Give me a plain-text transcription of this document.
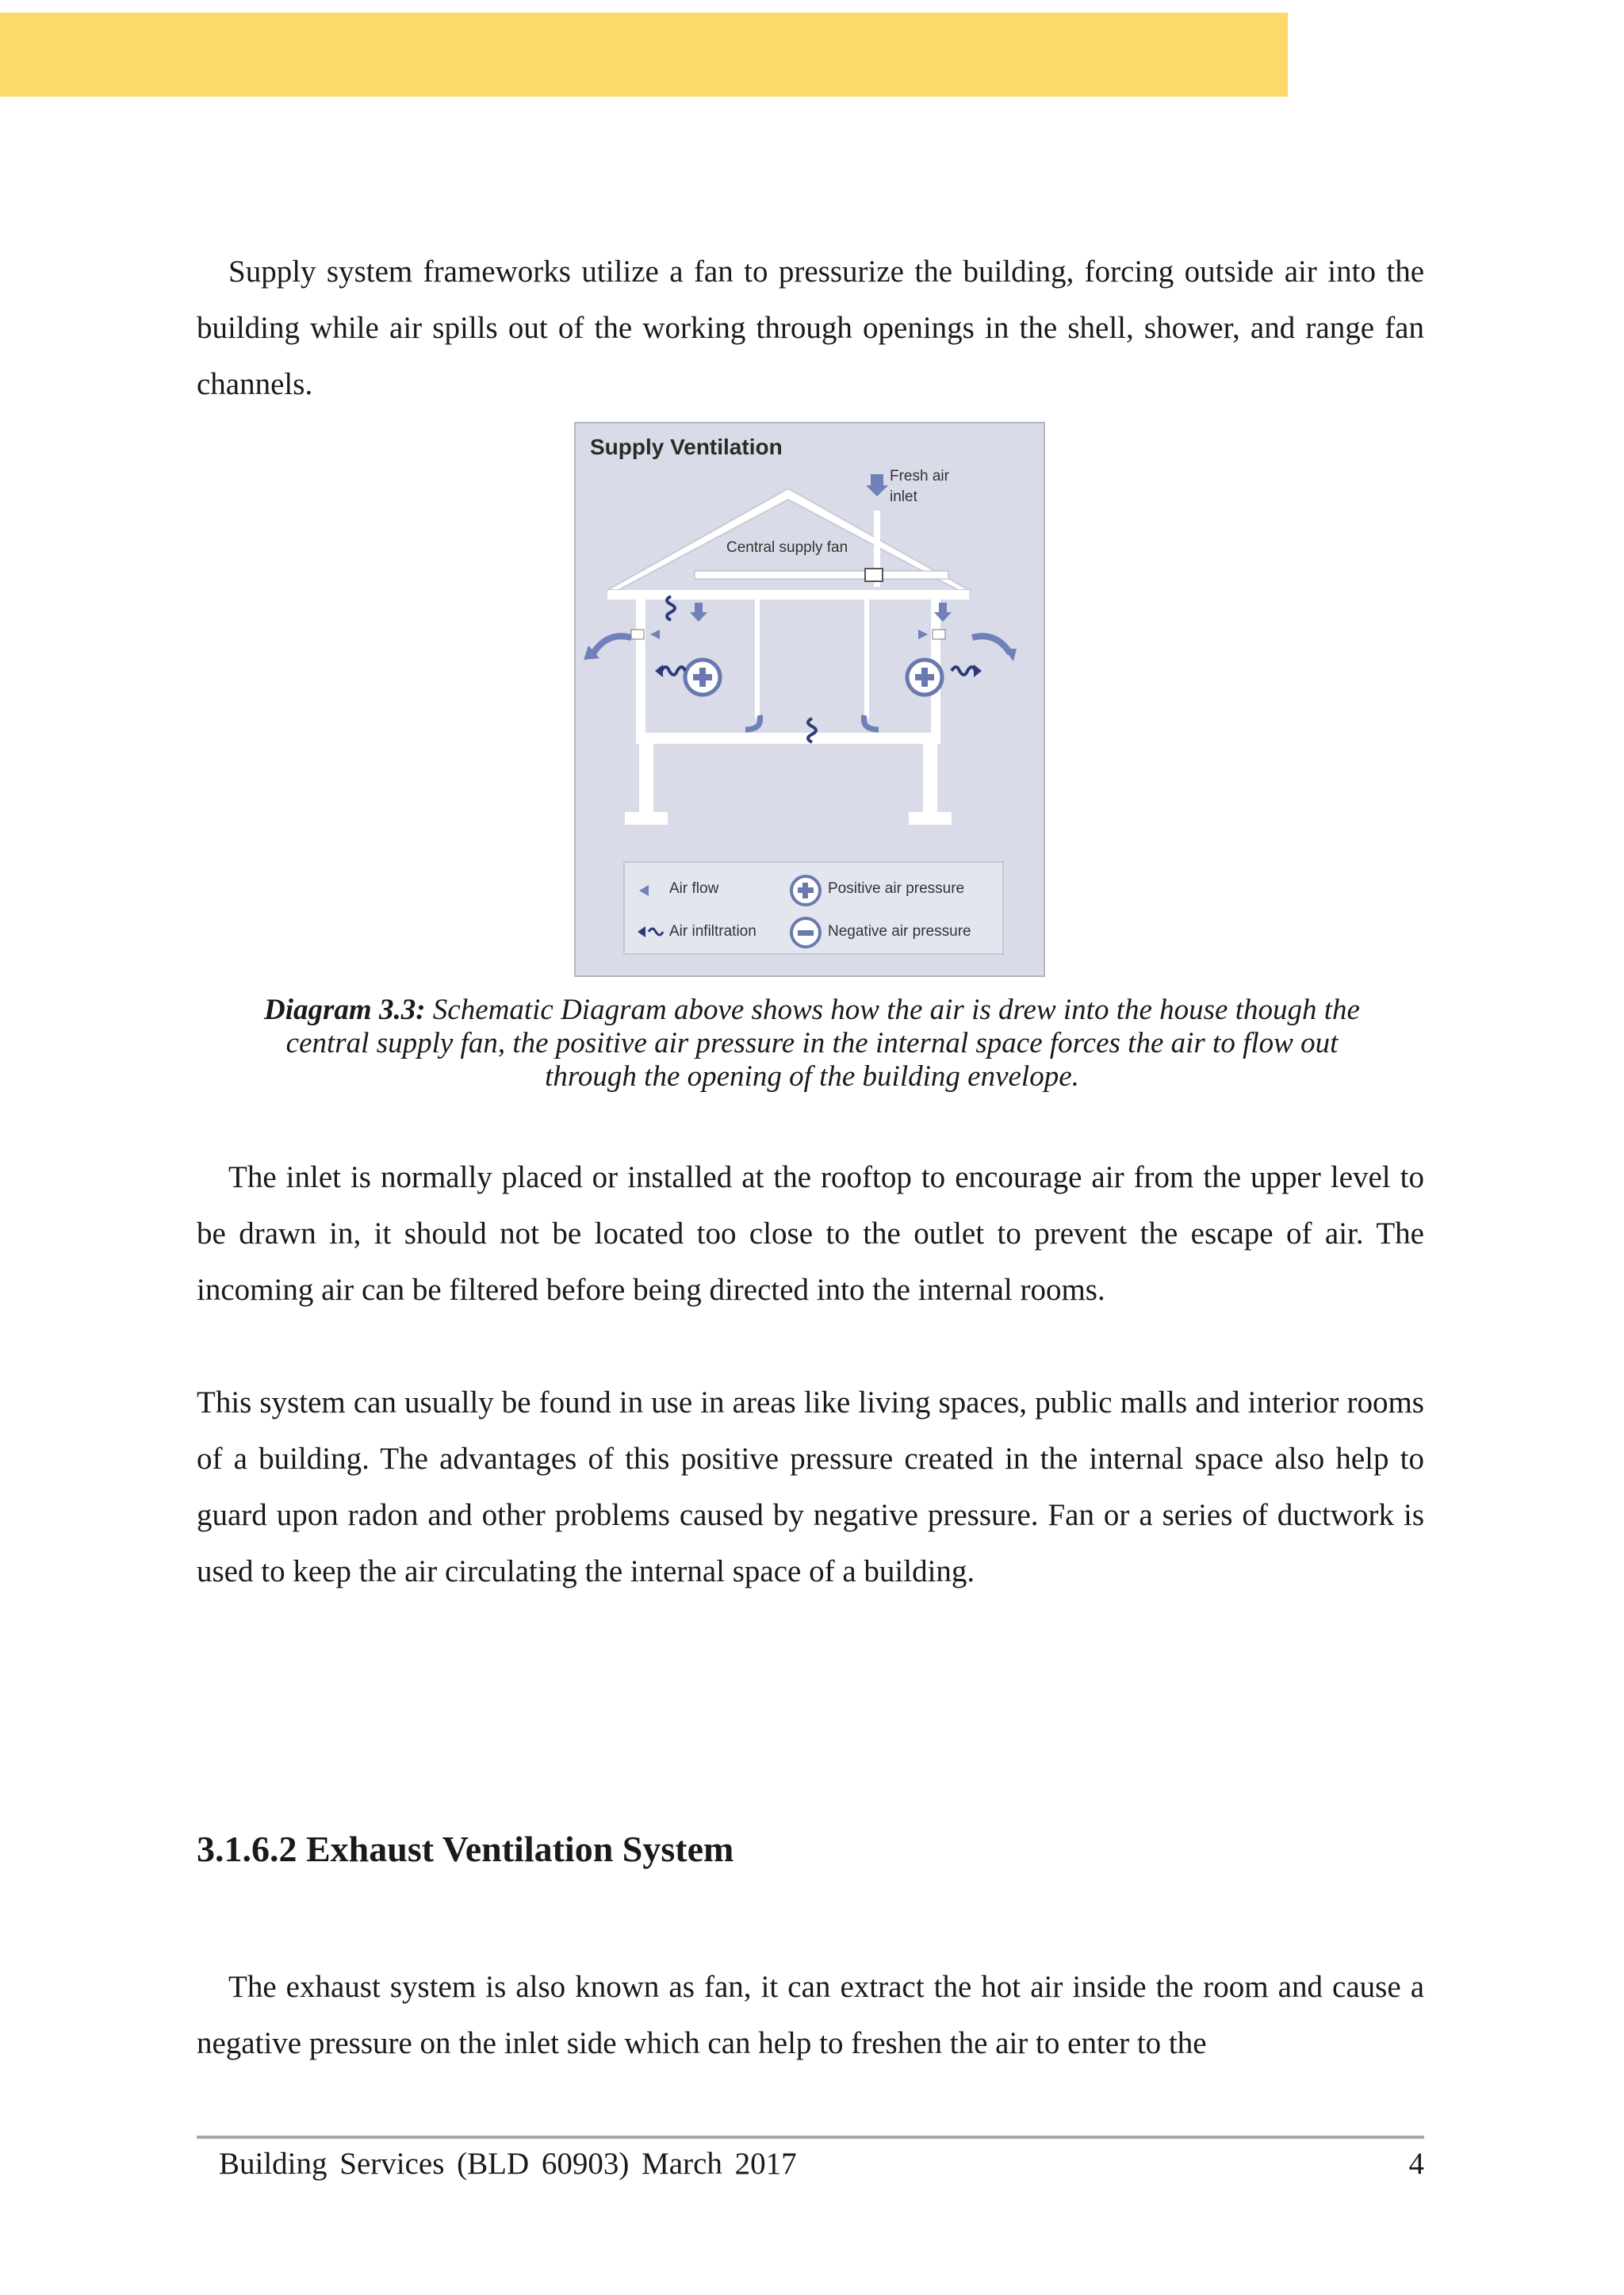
Supply system frameworks utilize a fan to pressurize the building, forcing outside air into the building while air spills out of the working through openings in the shell, shower, and range fan channels.

Supply Ventilation
Fresh air
inlet
Central supply fan
Air flow
Air infiltration
Positive air pressure
Negative air pressure
Diagram 3.3: Schematic Diagram above shows how the air is drew into the house though the central supply fan, the positive air pressure in the internal space forces the air to flow out through the opening of the building envelope.

The inlet is normally placed or installed at the rooftop to encourage air from the upper level to be drawn in, it should not be located too close to the outlet to prevent the escape of air. The incoming air can be filtered before being directed into the internal rooms.

This system can usually be found in use in areas like living spaces, public malls and interior rooms of a building. The advantages of this positive pressure created in the internal space also help to guard upon radon and other problems caused by negative pressure. Fan or a series of ductwork is used to keep the air circulating the internal space of a building.

3.1.6.2 Exhaust Ventilation System

The exhaust system is also known as fan, it can extract the hot air inside the room and cause a negative pressure on the inlet side which can help to freshen the air to enter to the

Building Services (BLD 60903) March 2017	4
